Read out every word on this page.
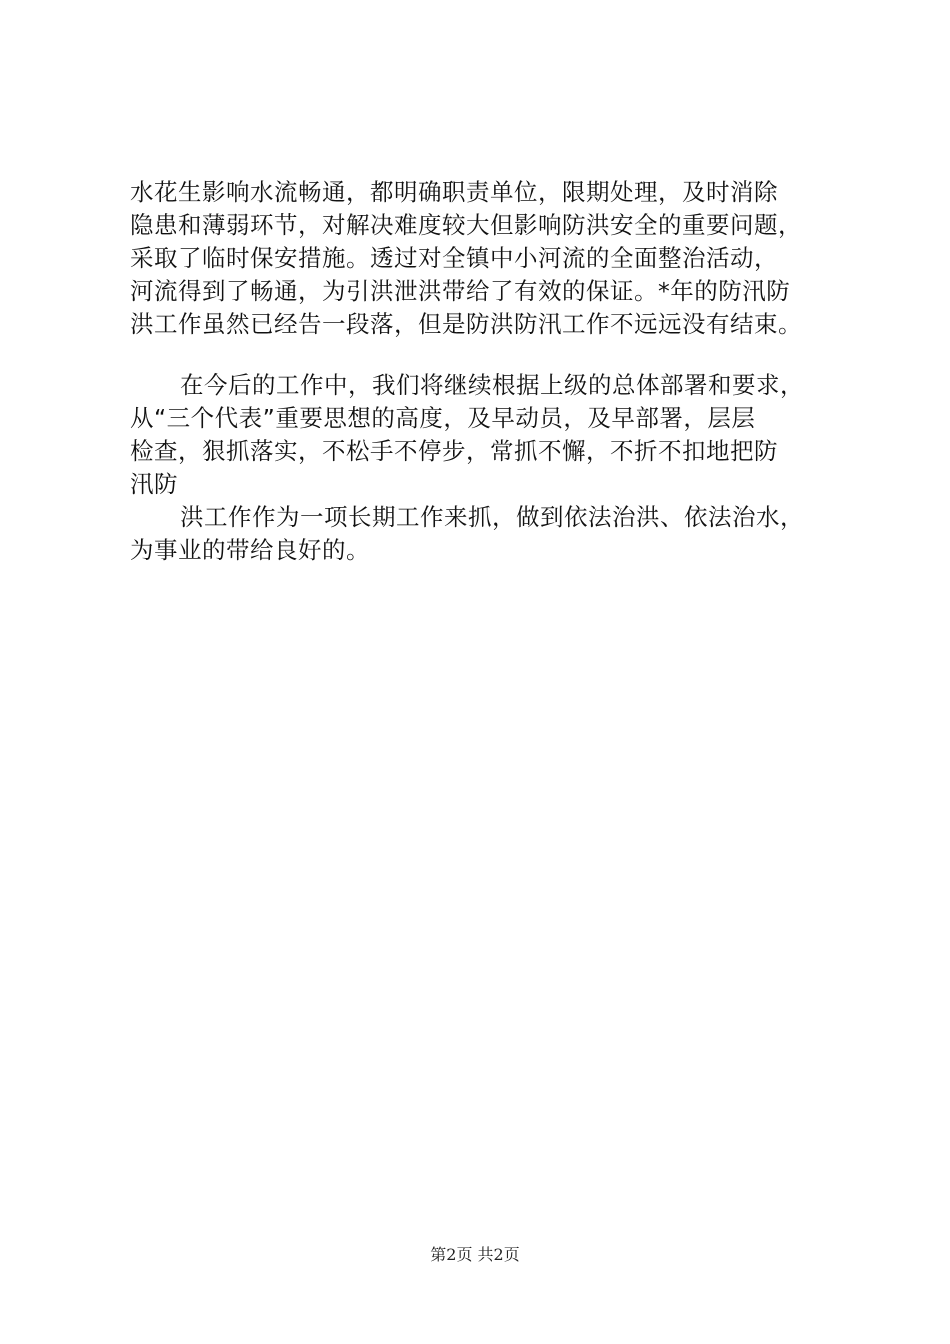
水花生影响水流畅通，都明确职责单位，限期处理，及时消除
隐患和薄弱环节，对解决难度较大但影响防洪安全的重要问题，
采取了临时保安措施。透过对全镇中小河流的全面整治活动，
河流得到了畅通，为引洪泄洪带给了有效的保证。*年的防汛防
洪工作虽然已经告一段落，但是防洪防汛工作不远远没有结束。
在今后的工作中，我们将继续根据上级的总体部署和要求，
从“三个代表”重要思想的高度，及早动员，及早部署，层层
检查，狠抓落实，不松手不停步，常抓不懈，不折不扣地把防
汛防
洪工作作为一项长期工作来抓，做到依法治洪、依法治水，
为事业的带给良好的。
第2页 共2页
